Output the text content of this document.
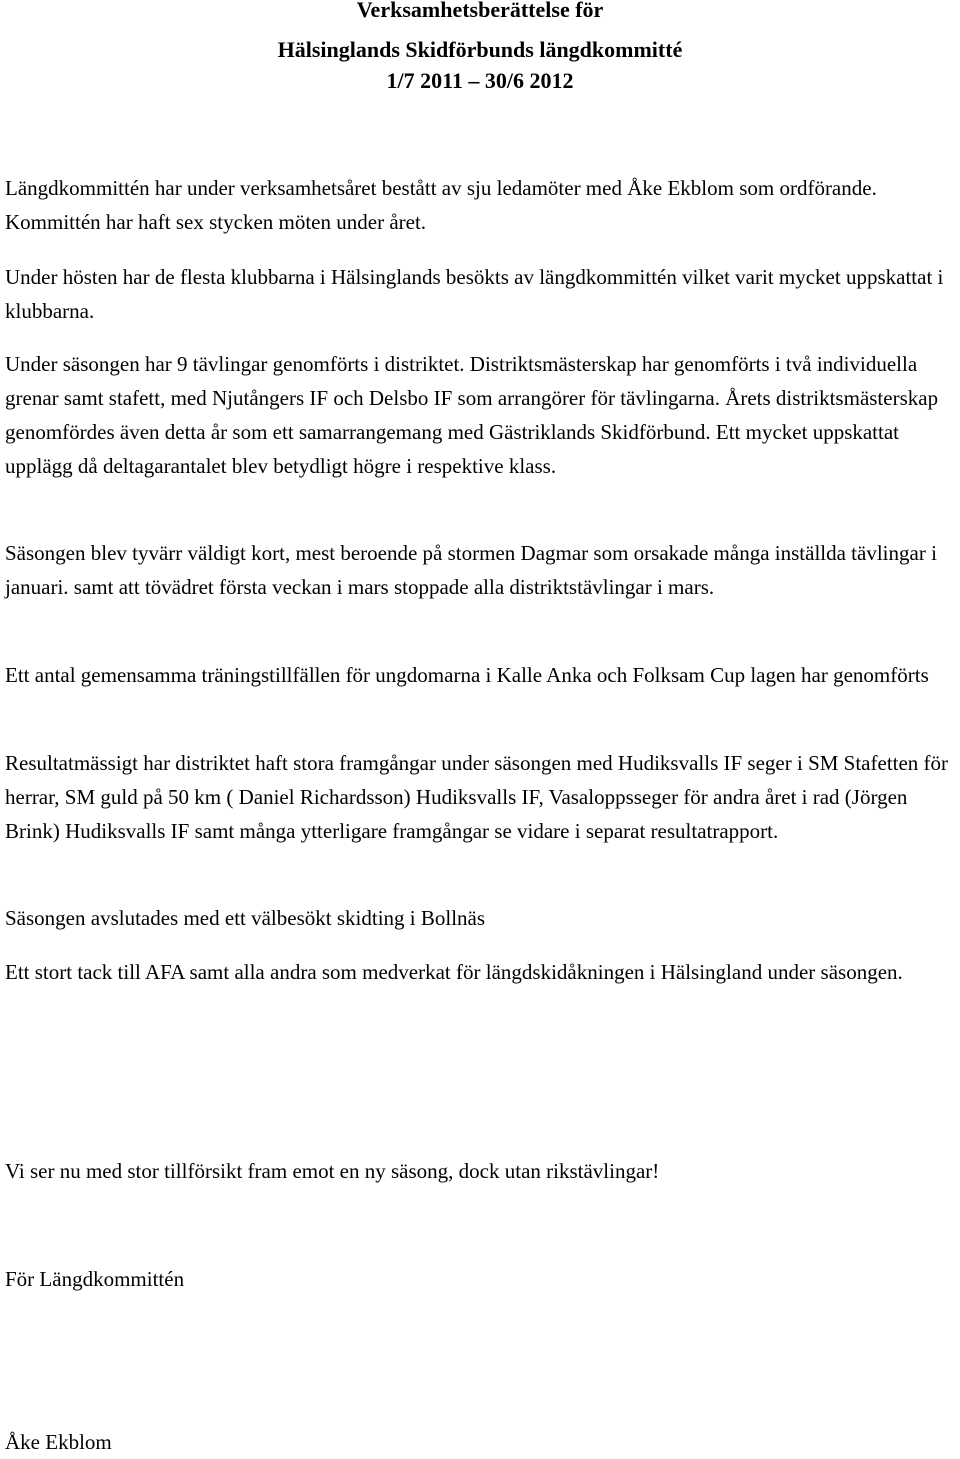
Verksamhetsberättelse för
Hälsinglands Skidförbunds längdkommitté
1/7 2011 – 30/6 2012

Längdkommittén har under verksamhetsåret bestått av sju ledamöter med Åke Ekblom som ordförande. Kommittén har haft sex stycken möten under året.

Under hösten har de flesta klubbarna i Hälsinglands besökts av längdkommittén vilket varit mycket uppskattat i klubbarna.

Under säsongen har 9 tävlingar genomförts i distriktet. Distriktsmästerskap har genomförts i två individuella grenar samt stafett, med Njutångers IF och Delsbo IF som arrangörer för tävlingarna. Årets distriktsmästerskap genomfördes även detta år som ett samarrangemang med Gästriklands Skidförbund. Ett mycket uppskattat upplägg då deltagarantalet blev betydligt högre i respektive klass.

Säsongen blev tyvärr väldigt kort, mest beroende på stormen Dagmar som orsakade många inställda tävlingar i januari. samt att tövädret första veckan i mars stoppade alla distriktstävlingar i mars.

Ett antal gemensamma träningstillfällen för ungdomarna i Kalle Anka och Folksam Cup lagen har genomförts

Resultatmässigt har distriktet haft stora framgångar under säsongen med Hudiksvalls IF seger i SM Stafetten för herrar, SM guld på 50 km ( Daniel Richardsson) Hudiksvalls IF, Vasaloppsseger för andra året i rad (Jörgen Brink) Hudiksvalls IF samt många ytterligare framgångar se vidare i separat resultatrapport.

Säsongen avslutades med ett välbesökt skidting i Bollnäs

Ett stort tack till AFA samt alla andra som medverkat för längdskidåkningen i Hälsingland under säsongen.

Vi ser nu med stor tillförsikt fram emot en ny säsong, dock utan rikstävlingar!

För Längdkommittén

Åke Ekblom
